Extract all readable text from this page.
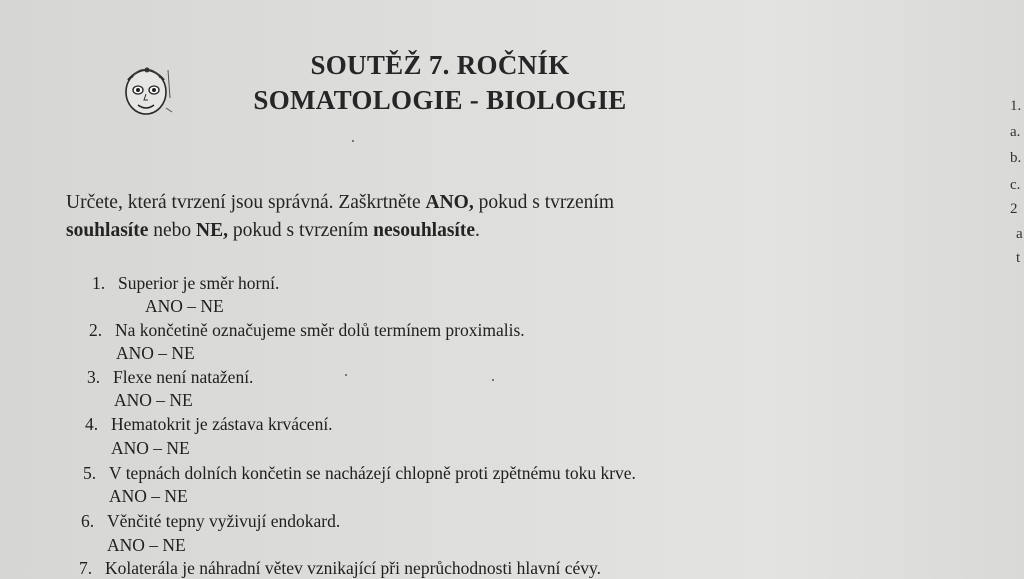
SOUTĚŽ 7. ROČNÍK
SOMATOLOGIE - BIOLOGIE
Určete, která tvrzení jsou správná. Zaškrtněte ANO, pokud s tvrzením
souhlasíte nebo NE, pokud s tvrzením nesouhlasíte.
1. Superior je směr horní.
ANO – NE
2. Na končetině označujeme směr dolů termínem proximalis.
ANO – NE
3. Flexe není natažení.
ANO – NE
4. Hematokrit je zástava krvácení.
ANO – NE
5. V tepnách dolních končetin se nacházejí chlopně proti zpětnému toku krve.
ANO – NE
6. Věnčité tepny vyživují endokard.
ANO – NE
7. Kolaterála je náhradní větev vznikající při neprůchodnosti hlavní cévy.
1.
a.
b.
c.
2
a
t
